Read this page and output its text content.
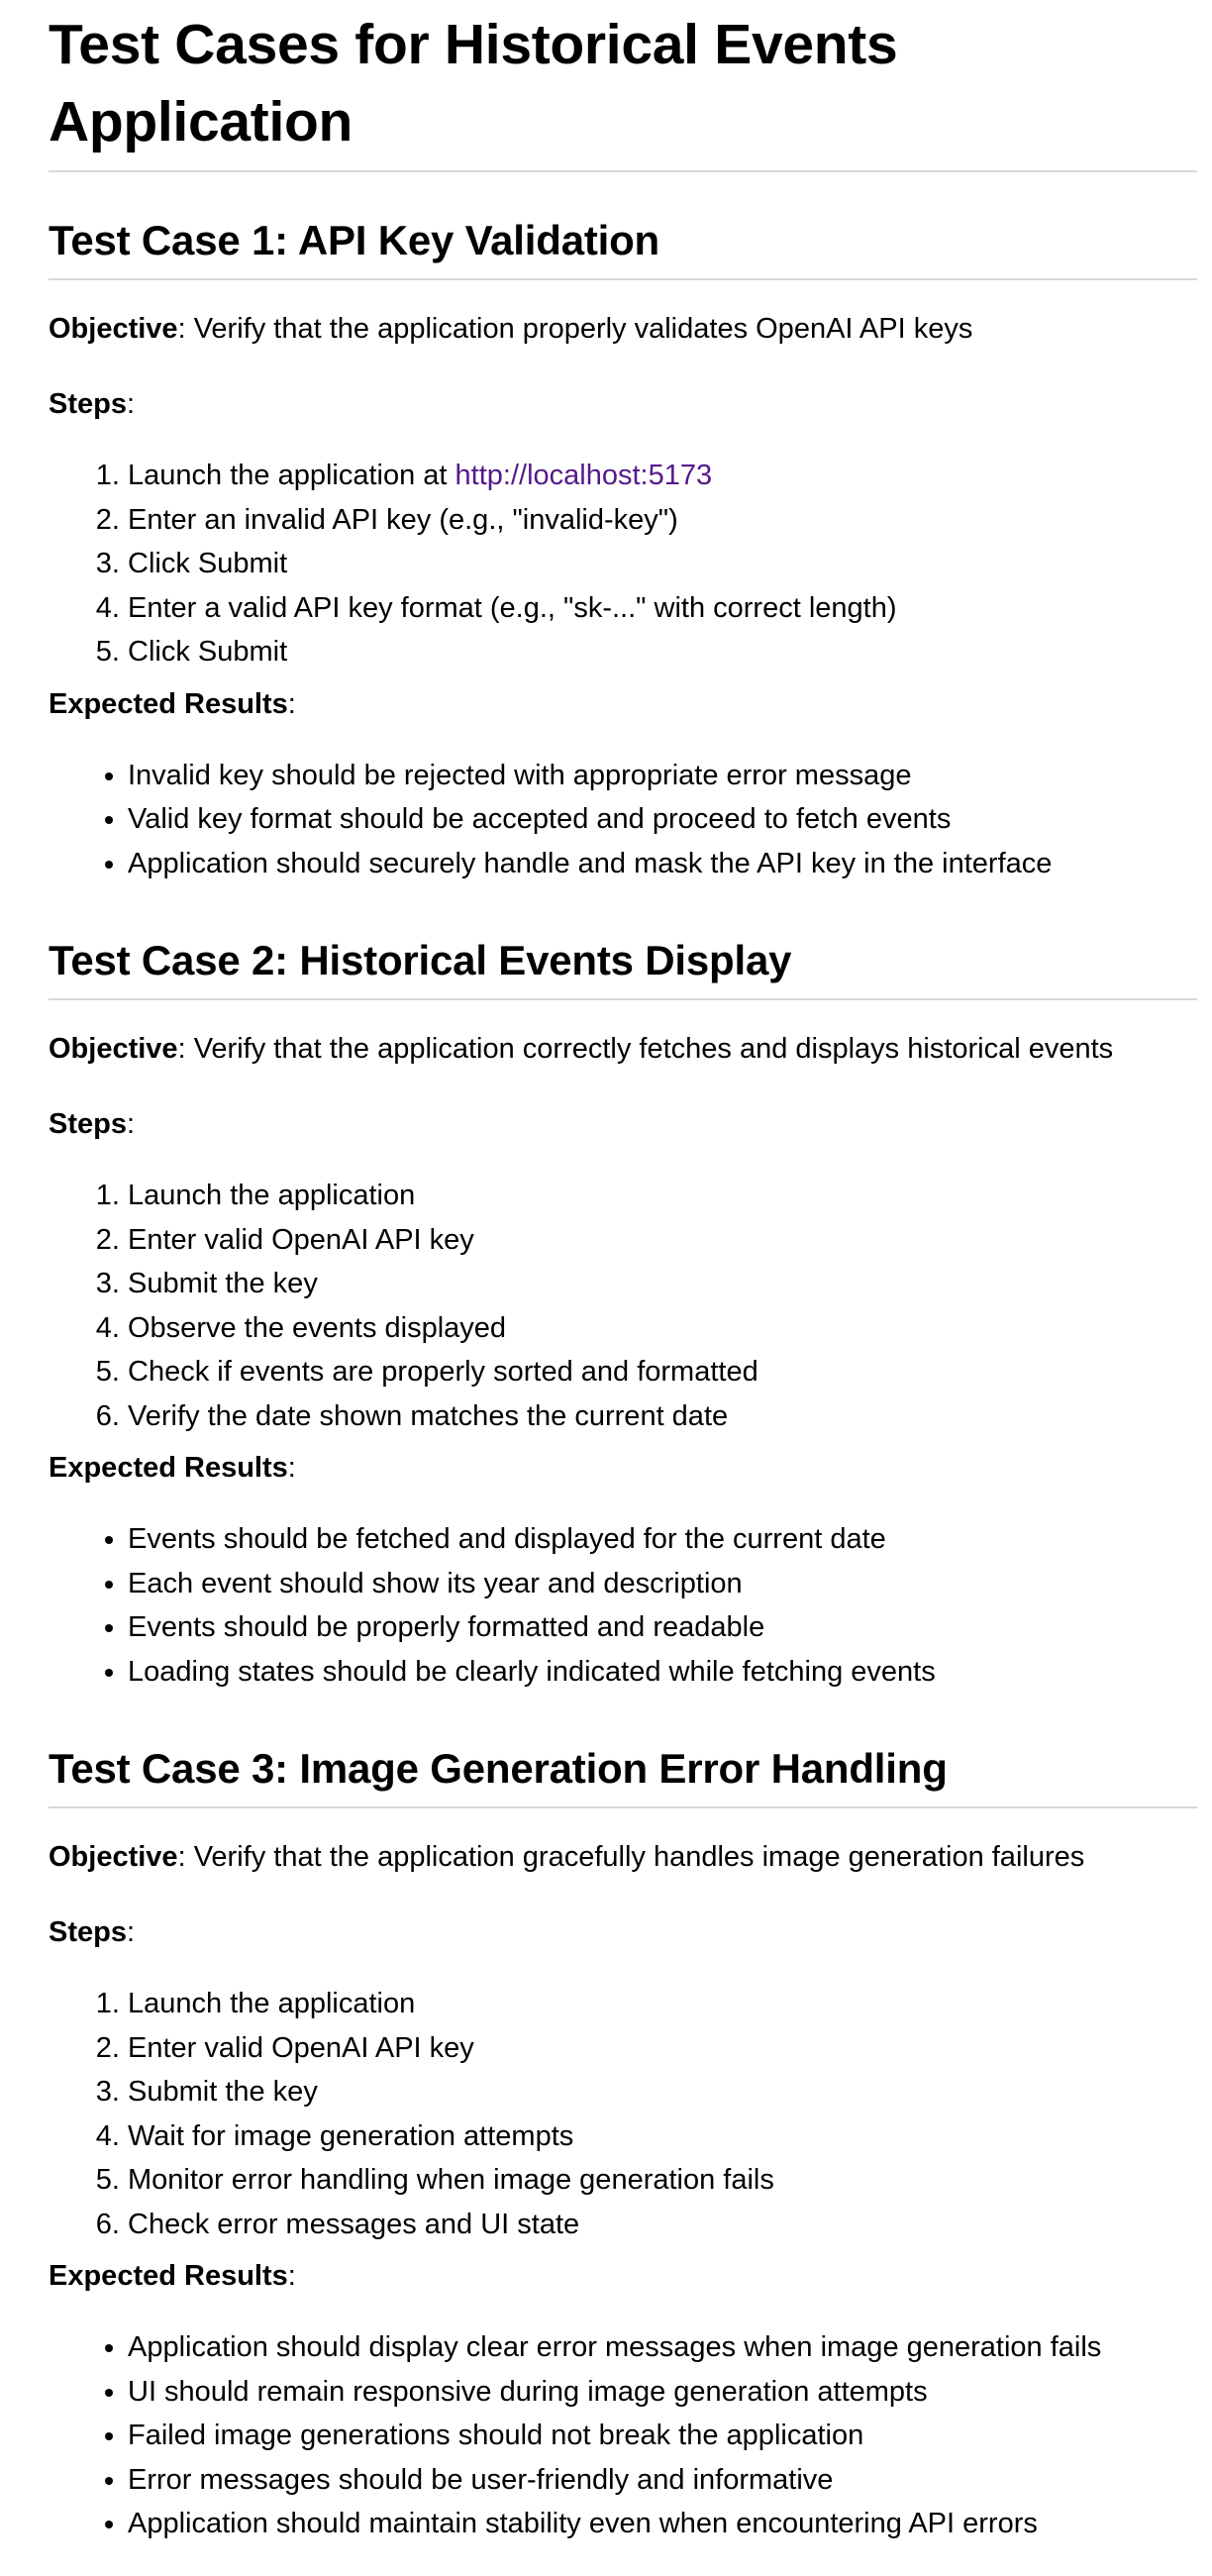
Test Cases for Historical Events Application
Test Case 1: API Key Validation

Objective: Verify that the application properly validates OpenAI API keys

Steps:

1. Launch the application at http://localhost:5173
2. Enter an invalid API key (e.g., "invalid-key")
3. Click Submit
4. Enter a valid API key format (e.g., "sk-..." with correct length)
5. Click Submit

Expected Results:

• Invalid key should be rejected with appropriate error message
• Valid key format should be accepted and proceed to fetch events
• Application should securely handle and mask the API key in the interface
Test Case 2: Historical Events Display

Objective: Verify that the application correctly fetches and displays historical events

Steps:

1. Launch the application
2. Enter valid OpenAI API key
3. Submit the key
4. Observe the events displayed
5. Check if events are properly sorted and formatted
6. Verify the date shown matches the current date

Expected Results:

• Events should be fetched and displayed for the current date
• Each event should show its year and description
• Events should be properly formatted and readable
• Loading states should be clearly indicated while fetching events
Test Case 3: Image Generation Error Handling

Objective: Verify that the application gracefully handles image generation failures

Steps:

1. Launch the application
2. Enter valid OpenAI API key
3. Submit the key
4. Wait for image generation attempts
5. Monitor error handling when image generation fails
6. Check error messages and UI state

Expected Results:

• Application should display clear error messages when image generation fails
• UI should remain responsive during image generation attempts
• Failed image generations should not break the application
• Error messages should be user-friendly and informative
• Application should maintain stability even when encountering API errors
